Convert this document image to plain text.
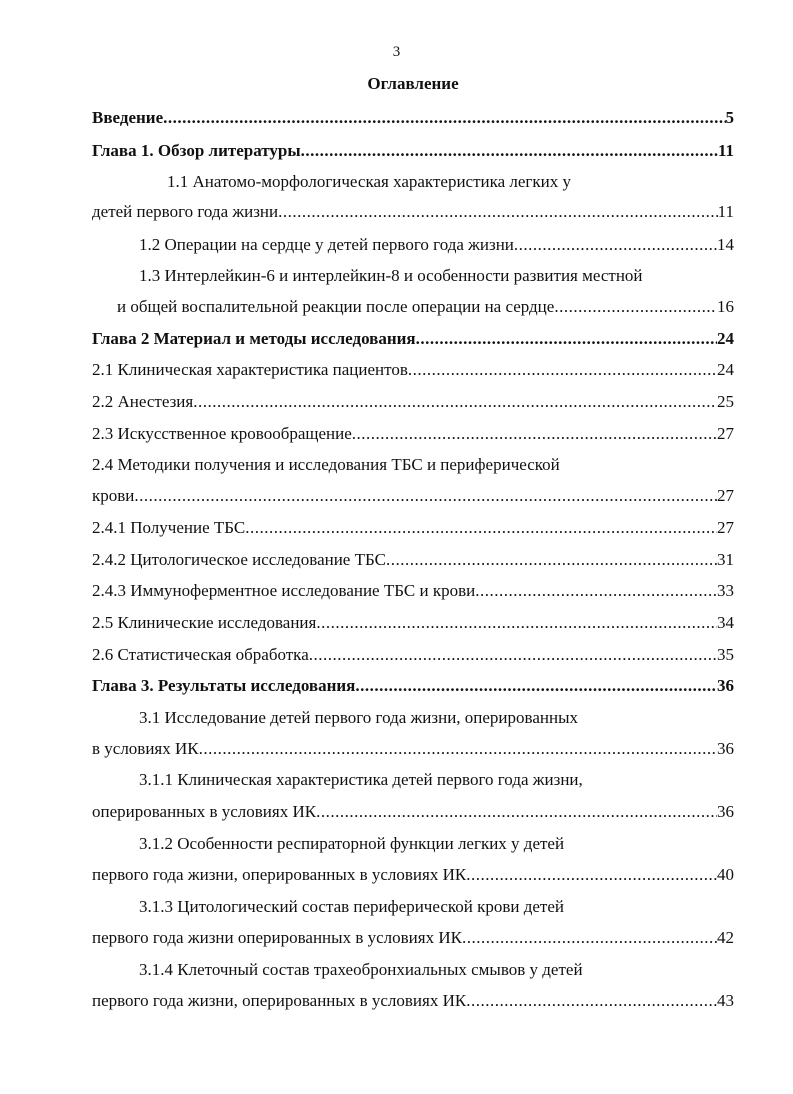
3
Оглавление
Введение .....	5
Глава 1. Обзор литературы .....	11
1.1 Анатомо-морфологическая характеристика легких у
детей первого года жизни .....	11
1.2 Операции на сердце у детей первого года жизни .....	14
1.3 Интерлейкин-6 и интерлейкин-8 и особенности развития местной
и общей воспалительной реакции после операции на сердце .....	16
Глава 2 Материал и методы исследования .....	24
2.1 Клиническая характеристика пациентов .....	24
2.2 Анестезия .....	25
2.3 Искусственное кровообращение .....	27
2.4 Методики получения и исследования ТБС и периферической
крови .....	27
2.4.1 Получение ТБС .....	27
2.4.2 Цитологическое исследование ТБС .....	31
2.4.3 Иммуноферментное исследование ТБС и крови .....	33
2.5 Клинические исследования .....	34
2.6 Статистическая обработка .....	35
Глава 3. Результаты исследования .....	36
3.1 Исследование детей первого года жизни, оперированных
в условиях ИК .....	36
3.1.1 Клиническая характеристика детей первого года жизни,
оперированных в условиях ИК .....	36
3.1.2 Особенности респираторной функции легких у детей
первого года жизни, оперированных в условиях ИК .....	40
3.1.3 Цитологический состав периферической крови детей
первого года жизни оперированных в условиях ИК .....	42
3.1.4 Клеточный состав трахеобронхиальных смывов у детей
первого года жизни, оперированных в условиях ИК .....	43
